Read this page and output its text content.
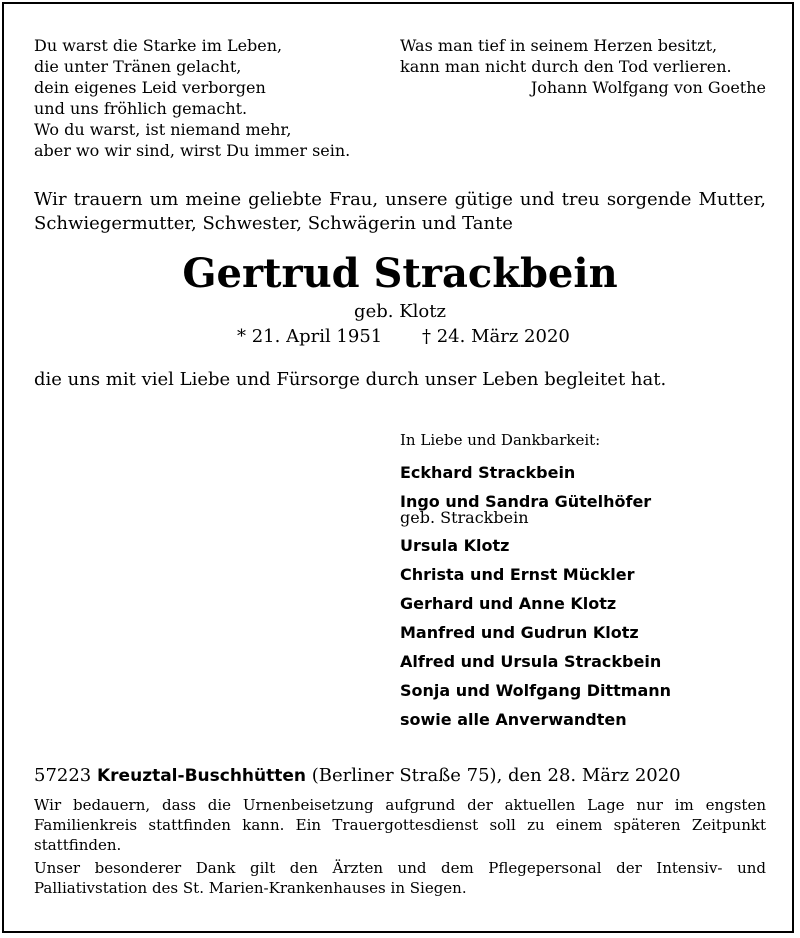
Du warst die Starke im Leben,
die unter Tränen gelacht,
dein eigenes Leid verborgen
und uns fröhlich gemacht.
Wo du warst, ist niemand mehr,
aber wo wir sind, wirst Du immer sein.
Was man tief in seinem Herzen besitzt,
kann man nicht durch den Tod verlieren.
Johann Wolfgang von Goethe
Wir trauern um meine geliebte Frau, unsere gütige und treu sorgende Mutter, Schwiegermutter, Schwester, Schwägerin und Tante
Gertrud Strackbein
geb. Klotz
* 21. April 1951 † 24. März 2020
die uns mit viel Liebe und Fürsorge durch unser Leben begleitet hat.
In Liebe und Dankbarkeit:
Eckhard Strackbein
Ingo und Sandra Gütelhöfer
geb. Strackbein
Ursula Klotz
Christa und Ernst Mückler
Gerhard und Anne Klotz
Manfred und Gudrun Klotz
Alfred und Ursula Strackbein
Sonja und Wolfgang Dittmann
sowie alle Anverwandten
57223 Kreuztal-Buschhütten (Berliner Straße 75), den 28. März 2020
Wir bedauern, dass die Urnenbeisetzung aufgrund der aktuellen Lage nur im engsten Familienkreis stattfinden kann. Ein Trauergottesdienst soll zu einem späteren Zeitpunkt stattfinden.
Unser besonderer Dank gilt den Ärzten und dem Pflegepersonal der Intensiv- und Palliativstation des St. Marien-Krankenhauses in Siegen.
